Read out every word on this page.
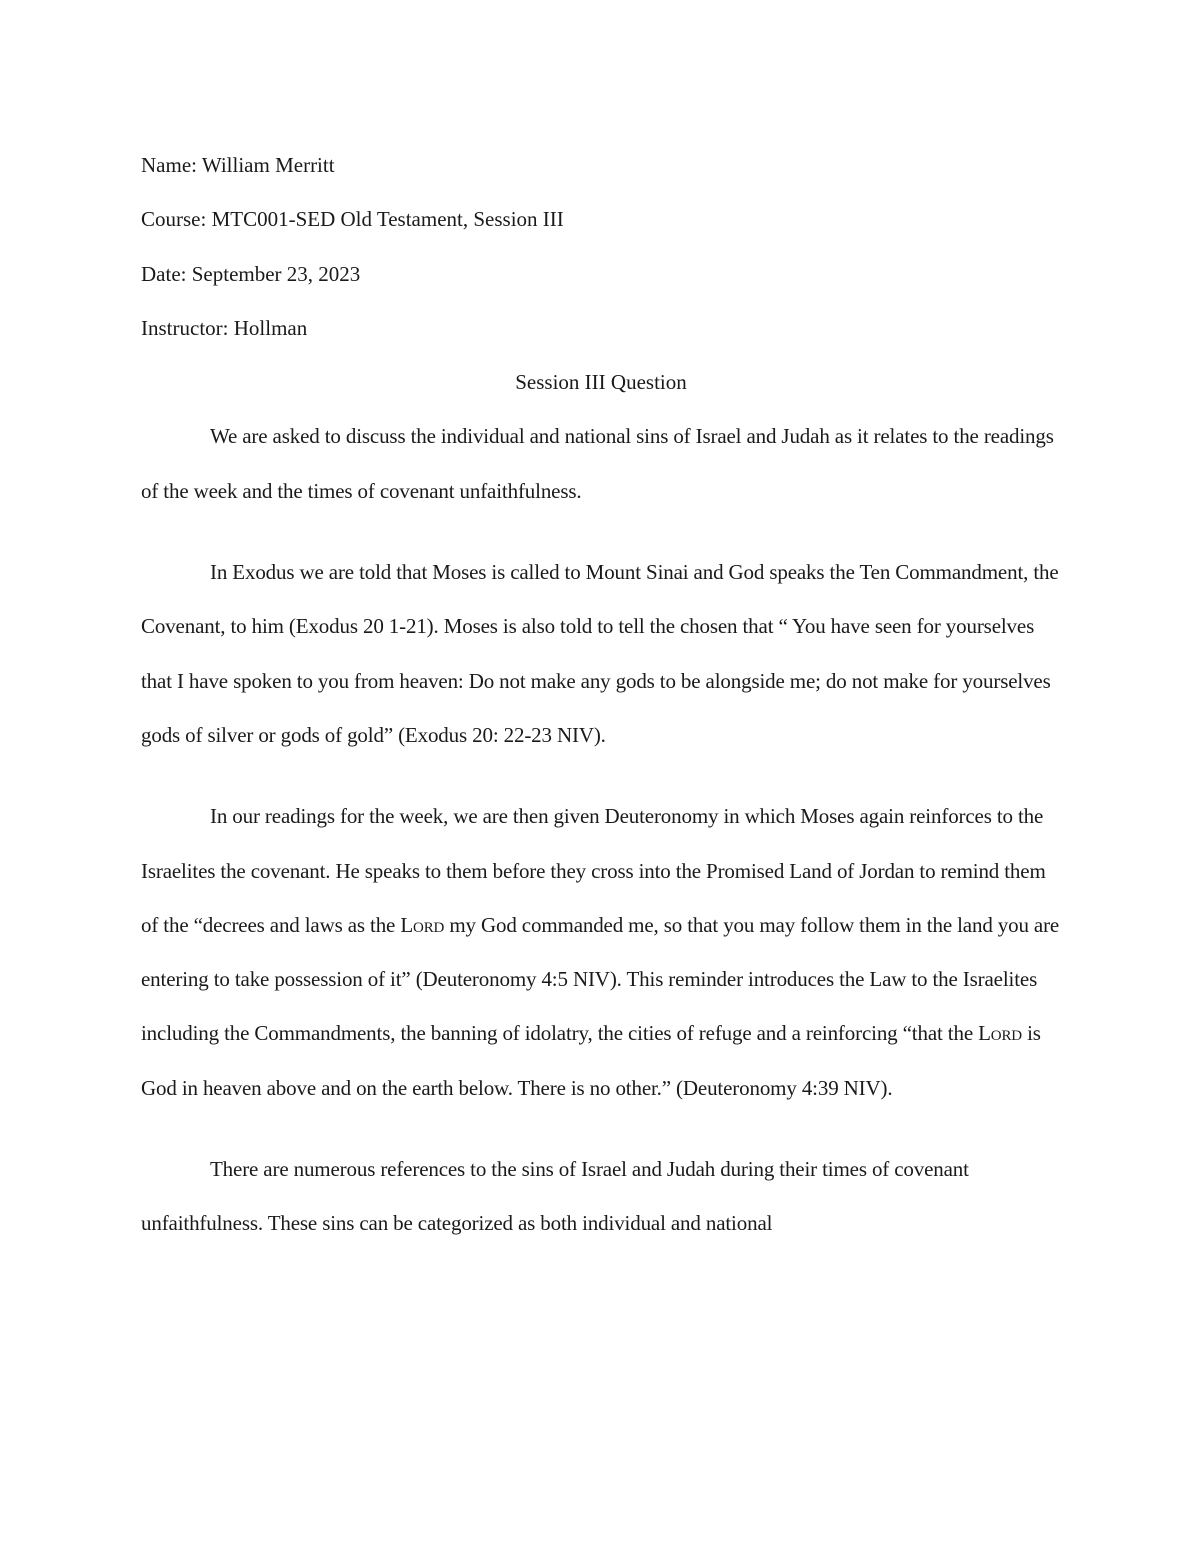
Name: William Merritt

Course: MTC001-SED Old Testament, Session III

Date: September 23, 2023

Instructor: Hollman

Session III Question

We are asked to discuss the individual and national sins of Israel and Judah as it relates to the readings of the week and the times of covenant unfaithfulness.

In Exodus we are told that Moses is called to Mount Sinai and God speaks the Ten Commandment, the Covenant, to him (Exodus 20 1-21). Moses is also told to tell the chosen that “ You have seen for yourselves that I have spoken to you from heaven: Do not make any gods to be alongside me; do not make for yourselves gods of silver or gods of gold” (Exodus 20: 22-23 NIV).

In our readings for the week, we are then given Deuteronomy in which Moses again reinforces to the Israelites the covenant. He speaks to them before they cross into the Promised Land of Jordan to remind them of the “decrees and laws as the Lord my God commanded me, so that you may follow them in the land you are entering to take possession of it” (Deuteronomy 4:5 NIV). This reminder introduces the Law to the Israelites including the Commandments, the banning of idolatry, the cities of refuge and a reinforcing “that the Lord is God in heaven above and on the earth below. There is no other.” (Deuteronomy 4:39 NIV).

There are numerous references to the sins of Israel and Judah during their times of covenant unfaithfulness. These sins can be categorized as both individual and national
